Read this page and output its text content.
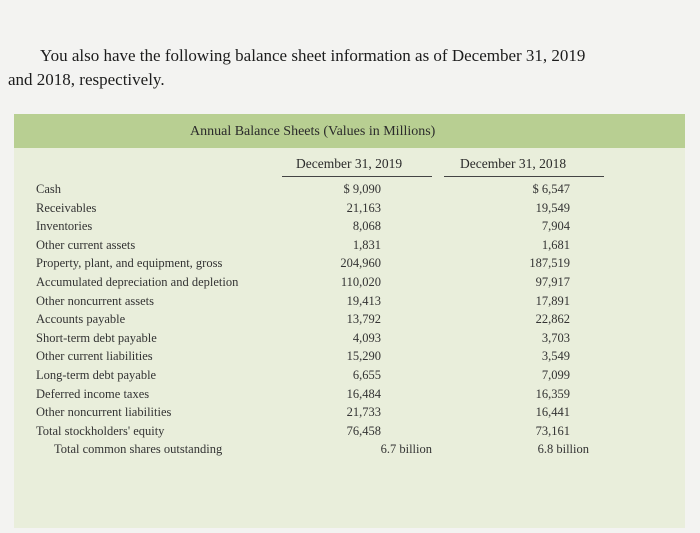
You also have the following balance sheet information as of December 31, 2019
and 2018, respectively.
Annual Balance Sheets (Values in Millions)
December 31, 2019	December 31, 2018
Cash	$ 9,090	$ 6,547
Receivables	21,163	19,549
Inventories	8,068	7,904
Other current assets	1,831	1,681
Property, plant, and equipment, gross	204,960	187,519
Accumulated depreciation and depletion	110,020	97,917
Other noncurrent assets	19,413	17,891
Accounts payable	13,792	22,862
Short-term debt payable	4,093	3,703
Other current liabilities	15,290	3,549
Long-term debt payable	6,655	7,099
Deferred income taxes	16,484	16,359
Other noncurrent liabilities	21,733	16,441
Total stockholders' equity	76,458	73,161
Total common shares outstanding	6.7 billion	6.8 billion
